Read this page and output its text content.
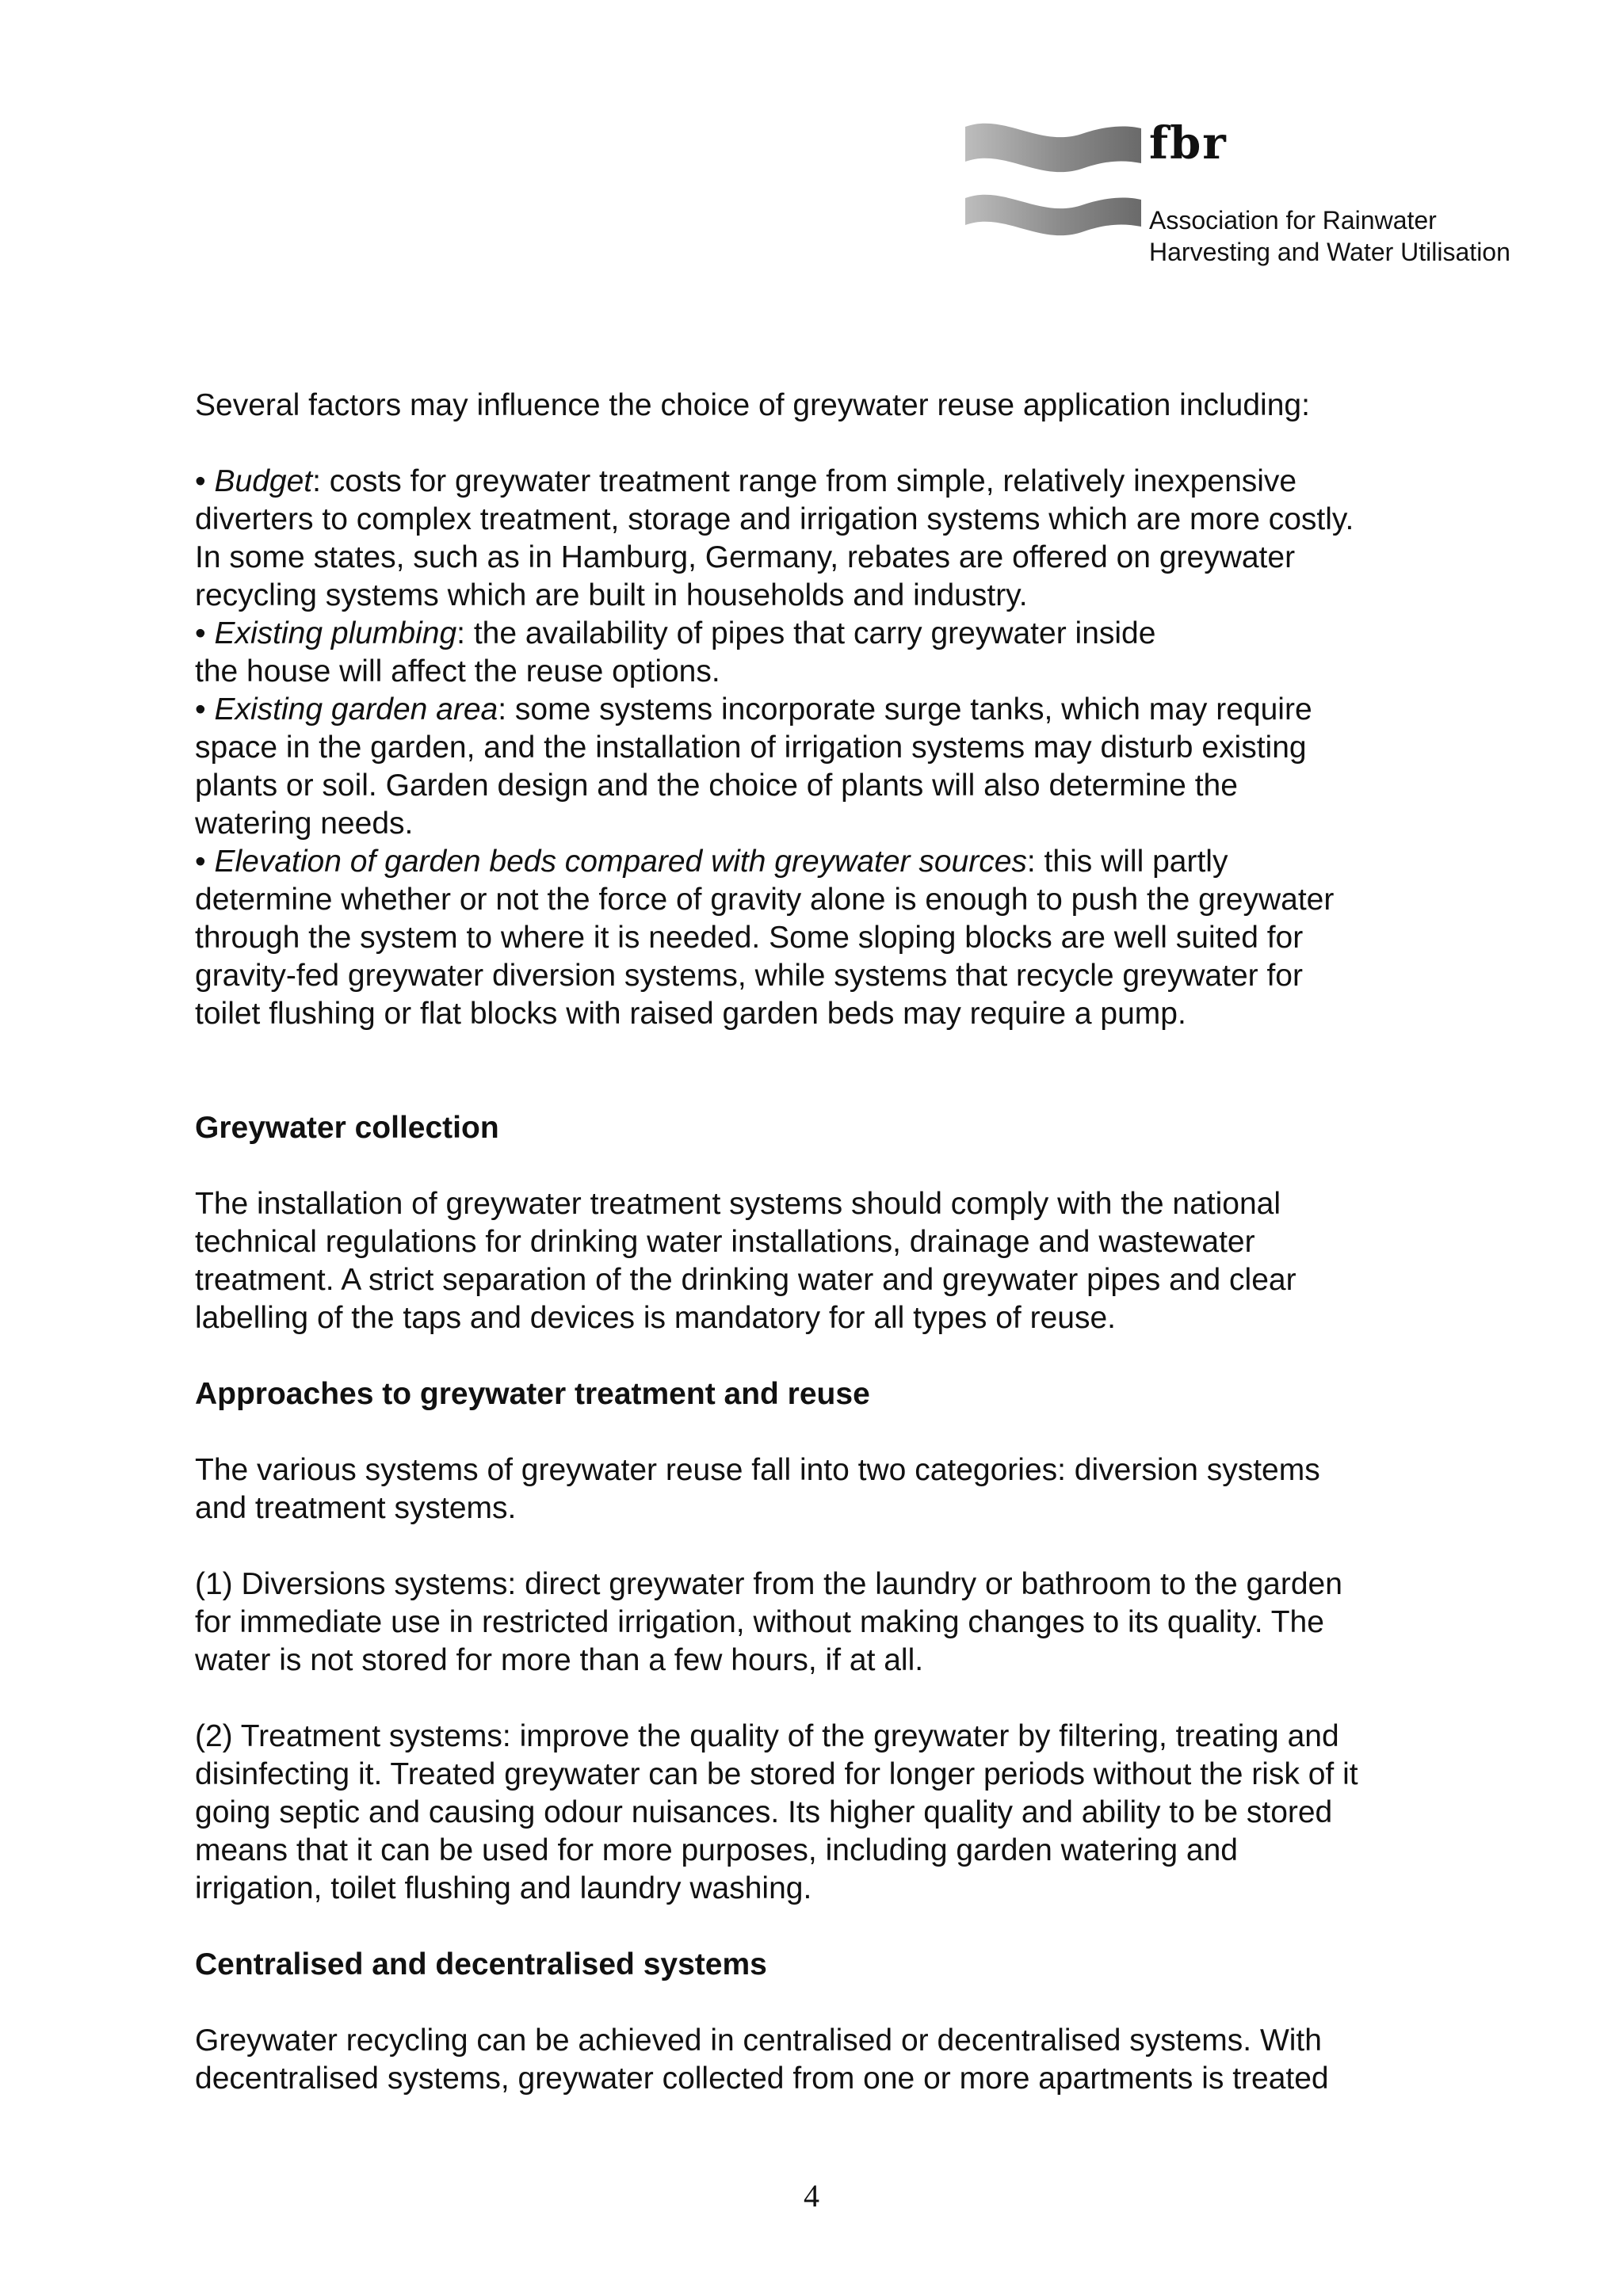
fbr
Association for Rainwater
Harvesting and Water Utilisation
Several factors may influence the choice of greywater reuse application including:
• Budget: costs for greywater treatment range from simple, relatively inexpensive
diverters to complex treatment, storage and irrigation systems which are more costly.
In some states, such as in Hamburg, Germany, rebates are offered on greywater
recycling systems which are built in households and industry.
• Existing plumbing: the availability of pipes that carry greywater inside
the house will affect the reuse options.
• Existing garden area: some systems incorporate surge tanks, which may require
space in the garden, and the installation of irrigation systems may disturb existing
plants or soil. Garden design and the choice of plants will also determine the
watering needs.
• Elevation of garden beds compared with greywater sources: this will partly
determine whether or not the force of gravity alone is enough to push the greywater
through the system to where it is needed. Some sloping blocks are well suited for
gravity-fed greywater diversion systems, while systems that recycle greywater for
toilet flushing or flat blocks with raised garden beds may require a pump.
Greywater collection
The installation of greywater treatment systems should comply with the national
technical regulations for drinking water installations, drainage and wastewater
treatment. A strict separation of the drinking water and greywater pipes and clear
labelling of the taps and devices is mandatory for all types of reuse.
Approaches to greywater treatment and reuse
The various systems of greywater reuse fall into two categories: diversion systems
and treatment systems.
(1) Diversions systems: direct greywater from the laundry or bathroom to the garden
for immediate use in restricted irrigation, without making changes to its quality. The
water is not stored for more than a few hours, if at all.
(2) Treatment systems: improve the quality of the greywater by filtering, treating and
disinfecting it. Treated greywater can be stored for longer periods without the risk of it
going septic and causing odour nuisances. Its higher quality and ability to be stored
means that it can be used for more purposes, including garden watering and
irrigation, toilet flushing and laundry washing.
Centralised and decentralised systems
Greywater recycling can be achieved in centralised or decentralised systems. With
decentralised systems, greywater collected from one or more apartments is treated
4
